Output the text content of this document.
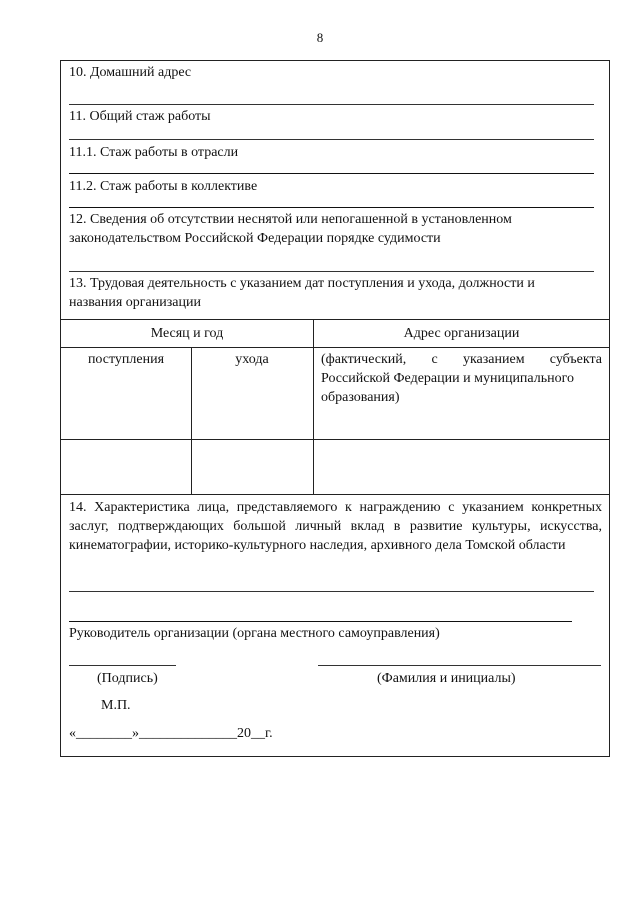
8
10. Домашний адрес
11. Общий стаж работы
11.1. Стаж работы в отрасли
11.2. Стаж работы в коллективе
12. Сведения об отсутствии неснятой или непогашенной в установленном
законодательством Российской Федерации порядке судимости
13. Трудовая деятельность с указанием дат поступления и ухода, должности и
названия организации
Месяц и год	Адрес организации
поступления	ухода	(фактический, с указанием субъекта
Российской Федерации и муниципального
образования)
14. Характеристика лица, представляемого к награждению с указанием конкретных заслуг, подтверждающих большой личный вклад в развитие культуры, искусства, кинематографии, историко-культурного наследия, архивного дела Томской области
Руководитель организации (органа местного самоуправления)
(Подпись)	(Фамилия и инициалы)
М.П.
«________»______________20__г.
